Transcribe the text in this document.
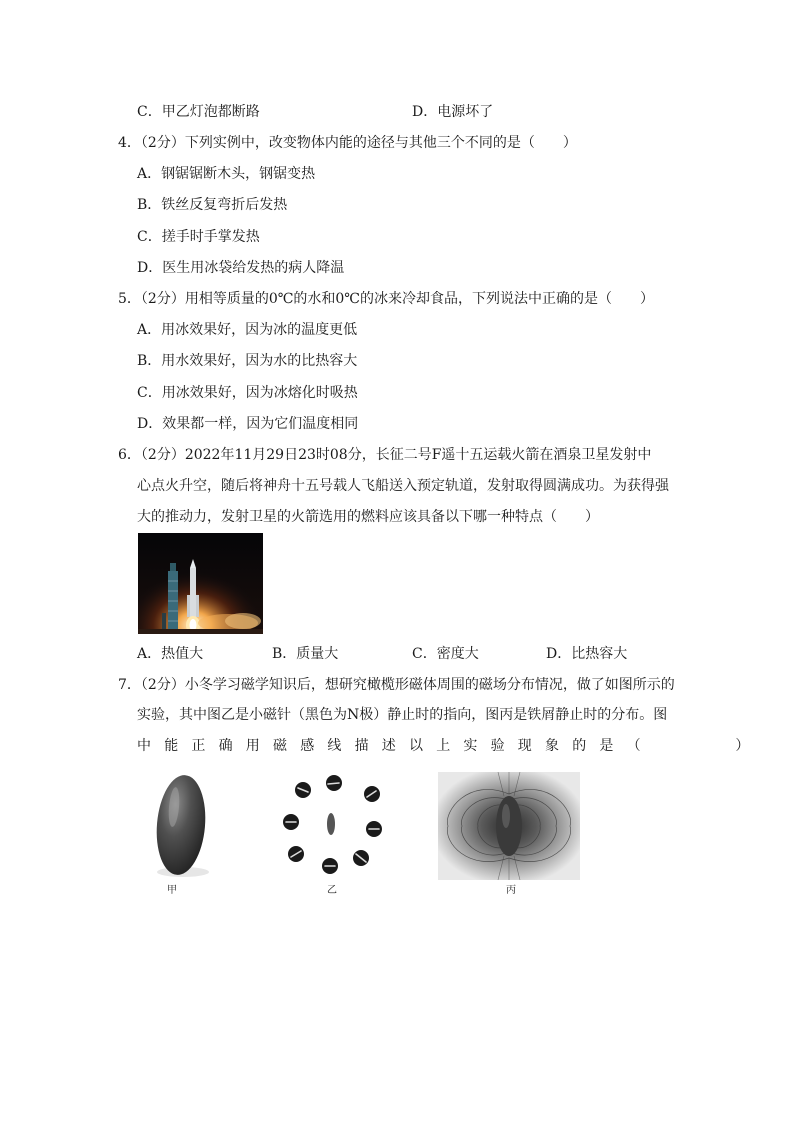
C．甲乙灯泡都断路	D．电源坏了
4．（2分）下列实例中，改变物体内能的途径与其他三个不同的是（　　）
A．钢锯锯断木头，钢锯变热
B．铁丝反复弯折后发热
C．搓手时手掌发热
D．医生用冰袋给发热的病人降温
5．（2分）用相等质量的0℃的水和0℃的冰来冷却食品，下列说法中正确的是（　　）
A．用冰效果好，因为冰的温度更低
B．用水效果好，因为水的比热容大
C．用冰效果好，因为冰熔化时吸热
D．效果都一样，因为它们温度相同
6．（2分）2022年11月29日23时08分，长征二号F遥十五运载火箭在酒泉卫星发射中
心点火升空，随后将神舟十五号载人飞船送入预定轨道，发射取得圆满成功。为获得强
大的推动力，发射卫星的火箭选用的燃料应该具备以下哪一种特点（　　）
A．热值大	B．质量大	C．密度大	D．比热容大
7．（2分）小冬学习磁学知识后，想研究橄榄形磁体周围的磁场分布情况，做了如图所示的
实验，其中图乙是小磁针（黑色为N极）静止时的指向，图丙是铁屑静止时的分布。图
中能正确用磁感线描述以上实验现象的是（　　　）
甲	乙	丙
